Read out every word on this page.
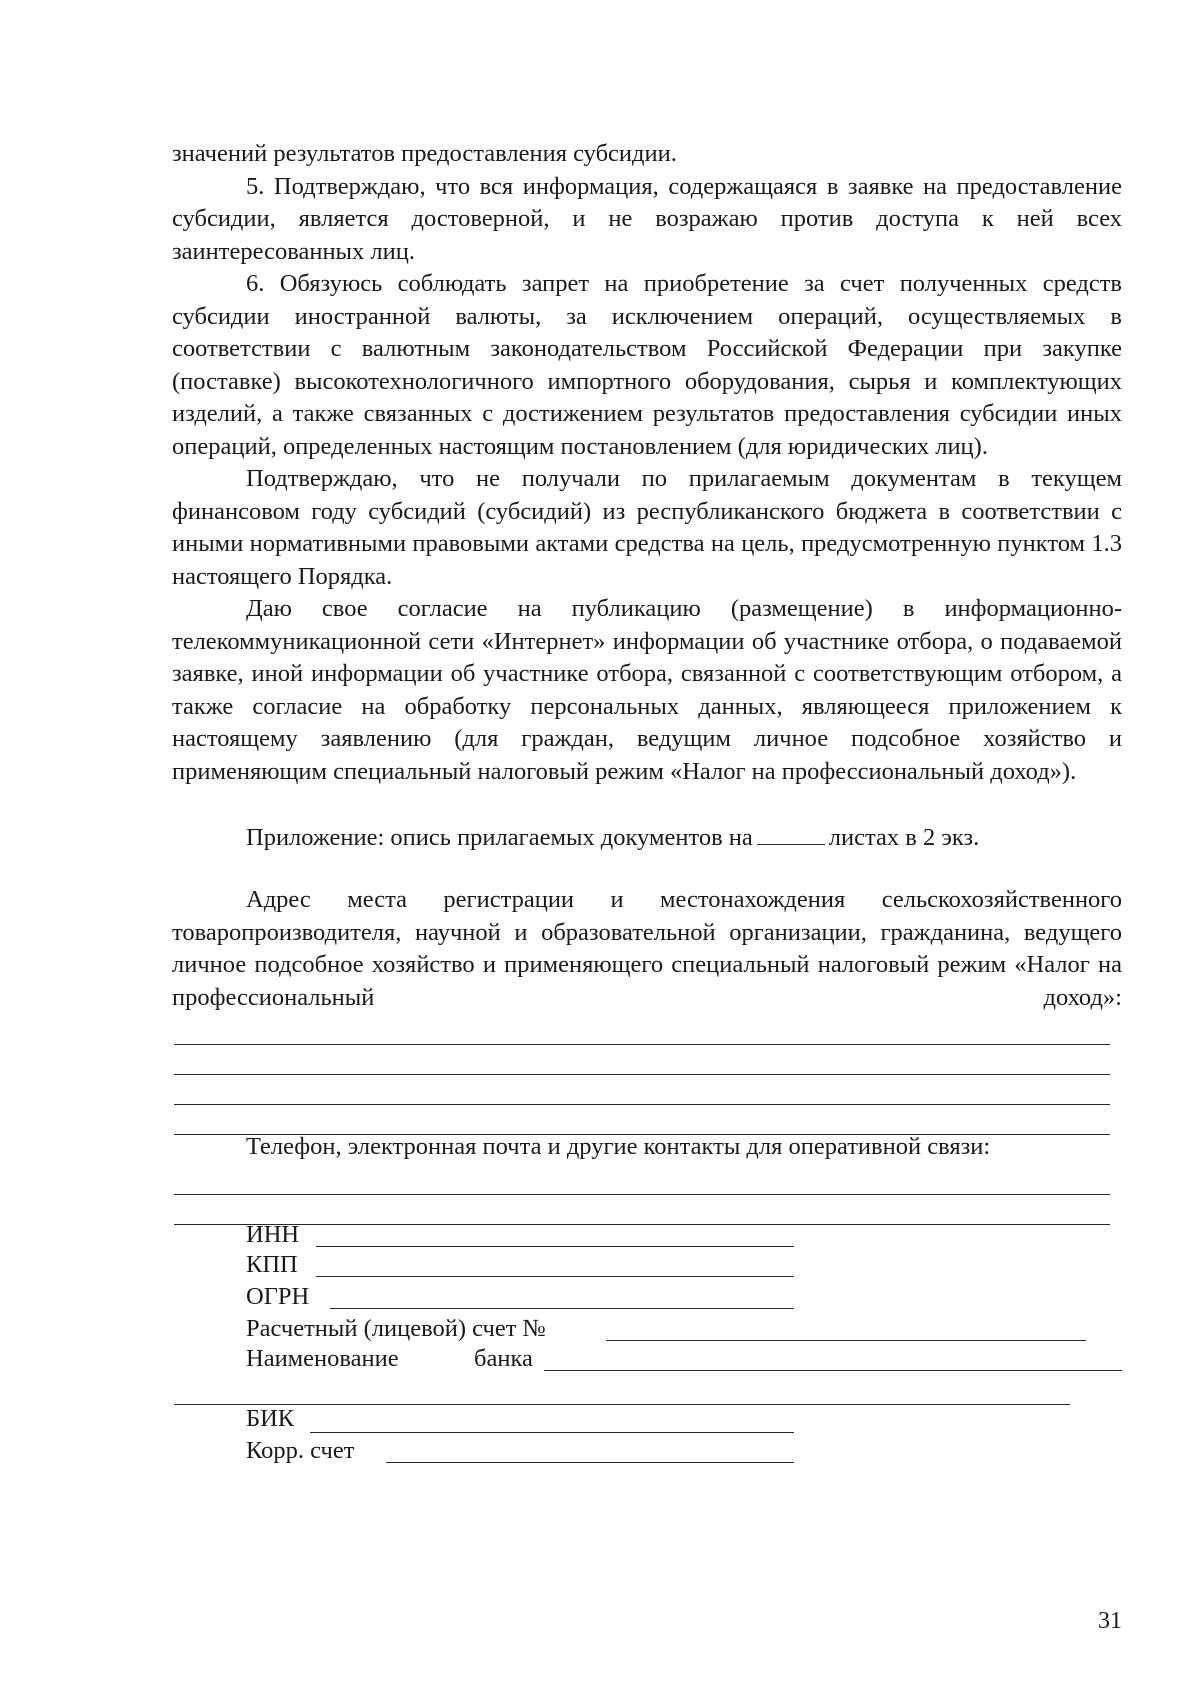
значений результатов предоставления субсидии.

5. Подтверждаю, что вся информация, содержащаяся в заявке на предоставление субсидии, является достоверной, и не возражаю против доступа к ней всех заинтересованных лиц.

6. Обязуюсь соблюдать запрет на приобретение за счет полученных средств субсидии иностранной валюты, за исключением операций, осуществляемых в соответствии с валютным законодательством Российской Федерации при закупке (поставке) высокотехнологичного импортного оборудования, сырья и комплектующих изделий, а также связанных с достижением результатов предоставления субсидии иных операций, определенных настоящим постановлением (для юридических лиц).

Подтверждаю, что не получали по прилагаемым документам в текущем финансовом году субсидий (субсидий) из республиканского бюджета в соответствии с иными нормативными правовыми актами средства на цель, предусмотренную пунктом 1.3 настоящего Порядка.

Даю свое согласие на публикацию (размещение) в информационно-телекоммуникационной сети «Интернет» информации об участнике отбора, о подаваемой заявке, иной информации об участнике отбора, связанной с соответствующим отбором, а также согласие на обработку персональных данных, являющееся приложением к настоящему заявлению (для граждан, ведущим личное подсобное хозяйство и применяющим специальный налоговый режим «Налог на профессиональный доход»).

Приложение: опись прилагаемых документов на	листах в 2 экз.

Адрес места регистрации и местонахождения сельскохозяйственного товаропроизводителя, научной и образовательной организации, гражданина, ведущего личное подсобное хозяйство и применяющего специальный налоговый режим «Налог на профессиональный доход»:

Телефон, электронная почта и другие контакты для оперативной связи:
ИНН
КПП
ОГРН
Расчетный (лицевой) счет №
Наименование	банка
БИК
Корр. счет
31
